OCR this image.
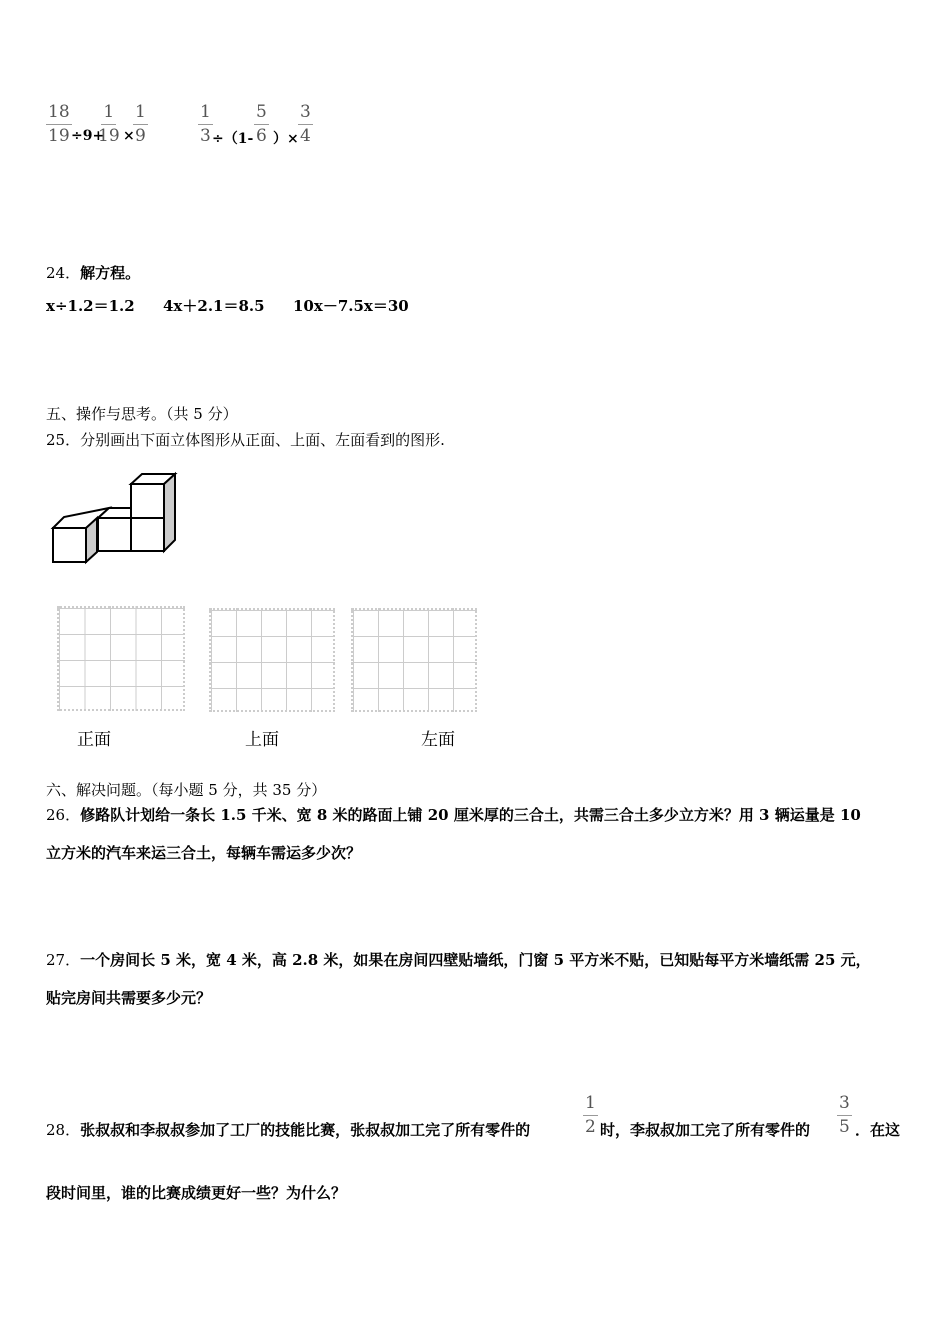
$\frac{18}{19} \div 9+$
$\frac{1}{19}$ ×
$\frac{1}{9}$	$\frac{1}{3} \div(1- \frac{5}{6}$ ）× $\frac{3}{4}$
24．解方程。
x÷1.2＝1.2 4x＋2.1＝8.5 10x－7.5x＝30
五、操作与思考。（共 5 分）
25．分别画出下面立体图形从正面、上面、左面看到的图形.
正面	上面	左面
六、解决问题。（每小题 5 分，共 35 分）
26．修路队计划给一条长 1.5 千米、宽 8 米的路面上铺 20 厘米厚的三合土，共需三合土多少立方米？用 3 辆运量是 10
立方米的汽车来运三合土，每辆车需运多少次？
27．一个房间长 5 米，宽 4 米，高 2.8 米，如果在房间四壁贴墙纸，门窗 5 平方米不贴，已知贴每平方米墙纸需 25 元，
贴完房间共需要多少元？
28．张叔叔和李叔叔参加了工厂的技能比赛，张叔叔加工完了所有零件的	$\frac{1}{2}$ 时，李叔叔加工完了所有零件的 $\frac{3}{5}$ ．在这
段时间里，谁的比赛成绩更好一些？为什么？
